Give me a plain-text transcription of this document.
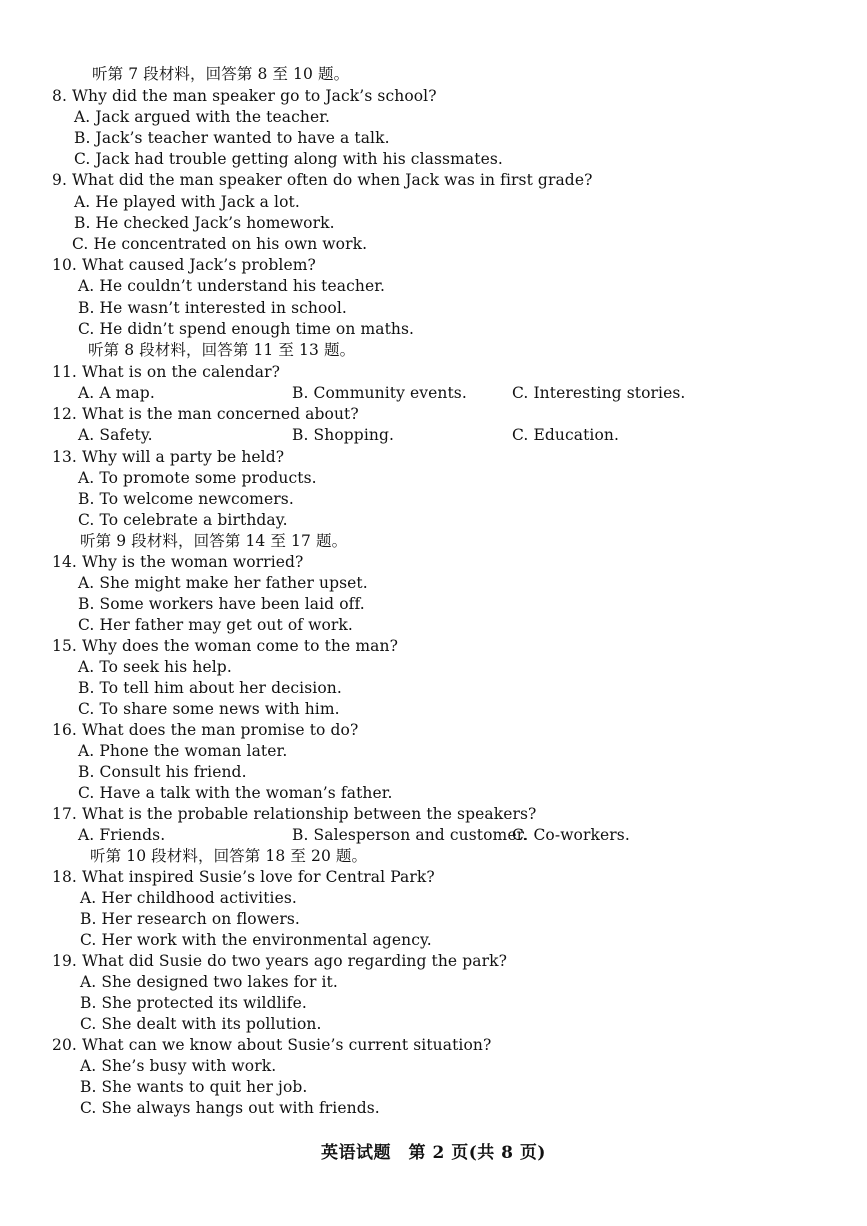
听第 7 段材料，回答第 8 至 10 题。
8. Why did the man speaker go to Jack’s school?
A. Jack argued with the teacher.
B. Jack’s teacher wanted to have a talk.
C. Jack had trouble getting along with his classmates.
9. What did the man speaker often do when Jack was in first grade?
A. He played with Jack a lot.
B. He checked Jack’s homework.
C. He concentrated on his own work.
10. What caused Jack’s problem?
A. He couldn’t understand his teacher.
B. He wasn’t interested in school.
C. He didn’t spend enough time on maths.
听第 8 段材料，回答第 11 至 13 题。
11. What is on the calendar?
A. A map.	B. Community events.	C. Interesting stories.
12. What is the man concerned about?
A. Safety.	B. Shopping.	C. Education.
13. Why will a party be held?
A. To promote some products.
B. To welcome newcomers.
C. To celebrate a birthday.
听第 9 段材料，回答第 14 至 17 题。
14. Why is the woman worried?
A. She might make her father upset.
B. Some workers have been laid off.
C. Her father may get out of work.
15. Why does the woman come to the man?
A. To seek his help.
B. To tell him about her decision.
C. To share some news with him.
16. What does the man promise to do?
A. Phone the woman later.
B. Consult his friend.
C. Have a talk with the woman’s father.
17. What is the probable relationship between the speakers?
A. Friends.	B. Salesperson and customer.
C. Co-workers.
听第 10 段材料，回答第 18 至 20 题。
18. What inspired Susie’s love for Central Park?
A. Her childhood activities.
B. Her research on flowers.
C. Her work with the environmental agency.
19. What did Susie do two years ago regarding the park?
A. She designed two lakes for it.
B. She protected its wildlife.
C. She dealt with its pollution.
20. What can we know about Susie’s current situation?
A. She’s busy with work.
B. She wants to quit her job.
C. She always hangs out with friends.
英语试题　第 2 页(共 8 页)
